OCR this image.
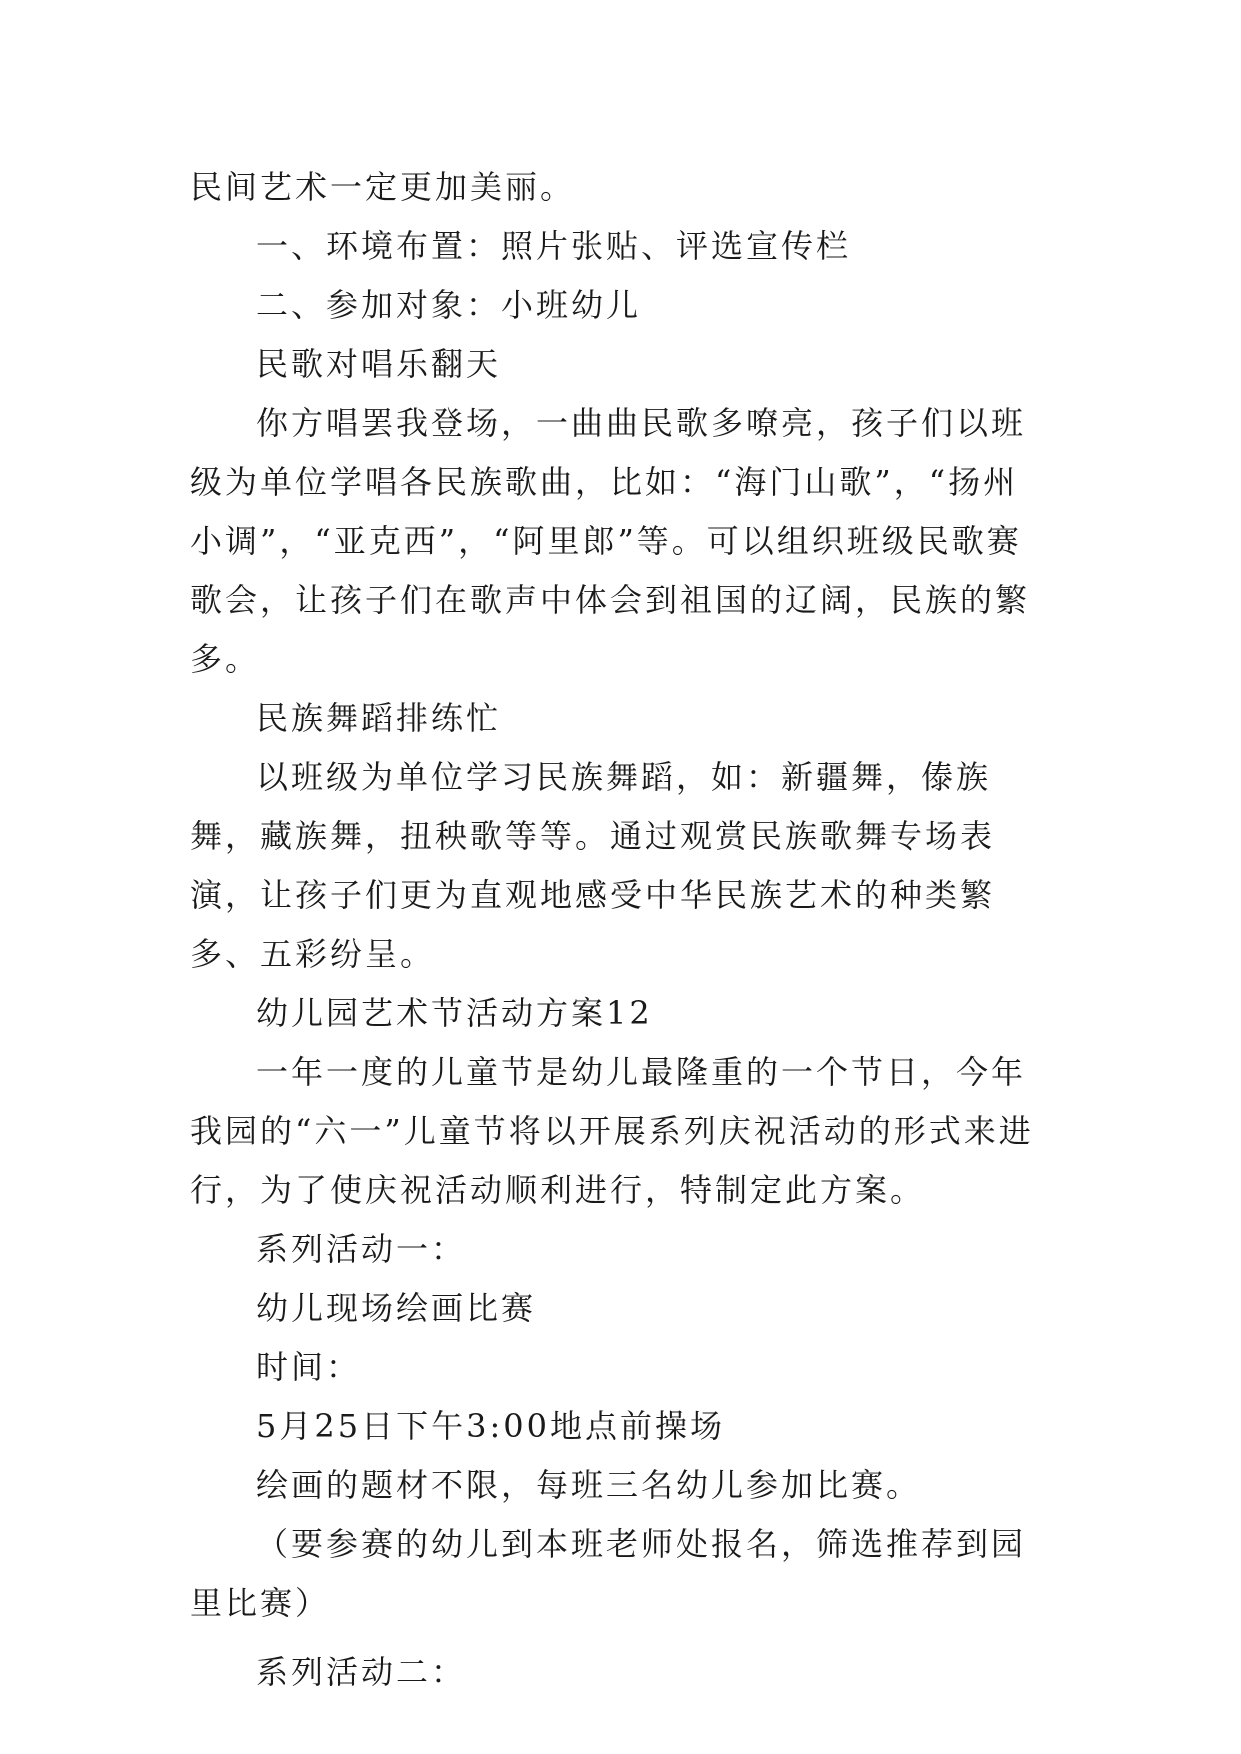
民间艺术一定更加美丽。

一、环境布置：照片张贴、评选宣传栏

二、参加对象：小班幼儿

民歌对唱乐翻天

你方唱罢我登场，一曲曲民歌多嘹亮，孩子们以班级为单位学唱各民族歌曲，比如：“海门山歌”，“扬州小调”，“亚克西”，“阿里郎”等。可以组织班级民歌赛歌会，让孩子们在歌声中体会到祖国的辽阔，民族的繁多。

民族舞蹈排练忙

以班级为单位学习民族舞蹈，如：新疆舞，傣族舞，藏族舞，扭秧歌等等。通过观赏民族歌舞专场表演，让孩子们更为直观地感受中华民族艺术的种类繁多、五彩纷呈。

幼儿园艺术节活动方案12

一年一度的儿童节是幼儿最隆重的一个节日，今年我园的“六一”儿童节将以开展系列庆祝活动的形式来进行，为了使庆祝活动顺利进行，特制定此方案。

系列活动一：

幼儿现场绘画比赛

时间：

5月25日下午3:00地点前操场

绘画的题材不限，每班三名幼儿参加比赛。

（要参赛的幼儿到本班老师处报名，筛选推荐到园里比赛）

系列活动二：
